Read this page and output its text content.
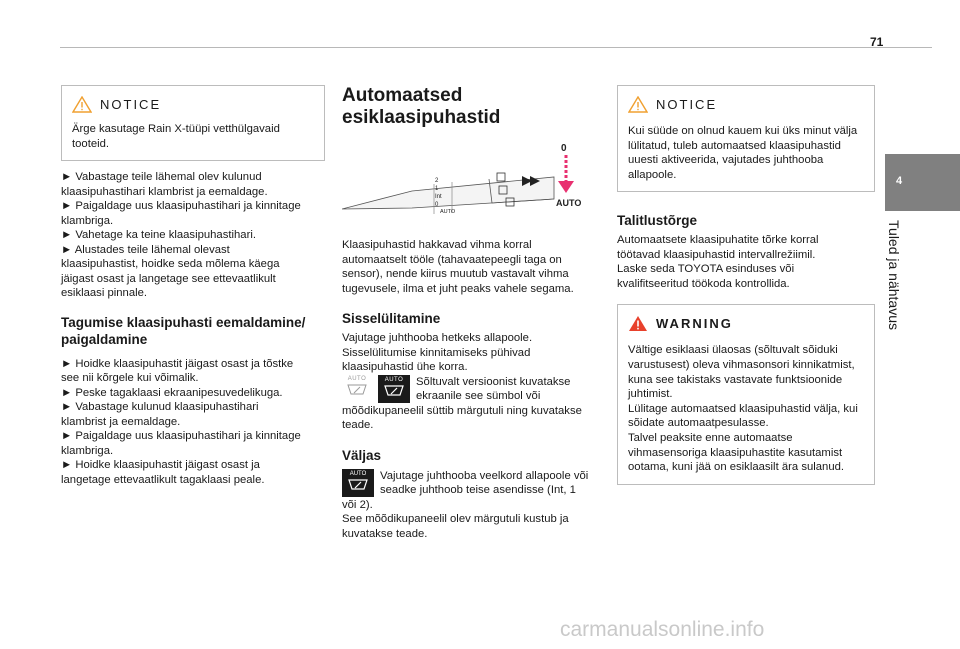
71
4
Tuled ja nähtavus
NOTICE

Ärge kasutage Rain X-tüüpi vetthülgavaid tooteid.

► Vabastage teile lähemal olev kulunud
klaasipuhastihari klambrist ja eemaldage.
► Paigaldage uus klaasipuhastihari ja kinnitage
klambriga.
► Vahetage ka teine klaasipuhastihari.
► Alustades teile lähemal olevast
klaasipuhastist, hoidke seda mõlema käega
jäigast osast ja langetage see ettevaatlikult
esiklaasi pinnale.
Tagumise klaasipuhasti eemaldamine/
paigaldamine
► Hoidke klaasipuhastit jäigast osast ja tõstke
see nii kõrgele kui võimalik.
► Peske tagaklaasi ekraanipesuvedelikuga.
► Vabastage kulunud klaasipuhastihari
klambrist ja eemaldage.
► Paigaldage uus klaasipuhastihari ja kinnitage
klambriga.
► Hoidke klaasipuhastit jäigast osast ja
langetage ettevaatlikult tagaklaasi peale.
Automaatsed
esiklaasipuhastid
2
1
Int
0
AUTO
0
AUTO
Klaasipuhastid hakkavad vihma korral
automaatselt tööle (tahavaatepeegli taga on
sensor), nende kiirus muutub vastavalt vihma
tugevusele, ilma et juht peaks vahele segama.
Sisselülitamine
Vajutage juhthooba hetkeks allapoole.
Sisselülitumise kinnitamiseks pühivad
klaasipuhastid ühe korra.
AUTO	AUTO	Sõltuvalt versioonist kuvatakse
ekraanile see sümbol või
mõõdikupaneelil süttib märgutuli ning kuvatakse
teade.
Väljas
AUTO	Vajutage juhthooba veelkord allapoole või
seadke juhthoob teise asendisse (Int, 1
või 2).
See mõõdikupaneelil olev märgutuli kustub ja
kuvatakse teade.
NOTICE

Kui süüde on olnud kauem kui üks minut välja
lülitatud, tuleb automaatsed klaasipuhastid
uuesti aktiveerida, vajutades juhthooba
allapoole.

Talitlustõrge
Automaatsete klaasipuhatite tõrke korral
töötavad klaasipuhastid intervallrežiimil.
Laske seda TOYOTA esinduses või
kvalifitseeritud töökoda kontrollida.
WARNING

Vältige esiklaasi ülaosas (sõltuvalt sõiduki
varustusest) oleva vihmasonsori kinnikatmist,
kuna see takistaks vastavate funktsioonide
juhtimist.
Lülitage automaatsed klaasipuhastid välja, kui
sõidate automaatpesulasse.
Talvel peaksite enne automaatse
vihmasensoriga klaasipuhastite kasutamist
ootama, kuni jää on esiklaasilt ära sulanud.

carmanualsonline.info
